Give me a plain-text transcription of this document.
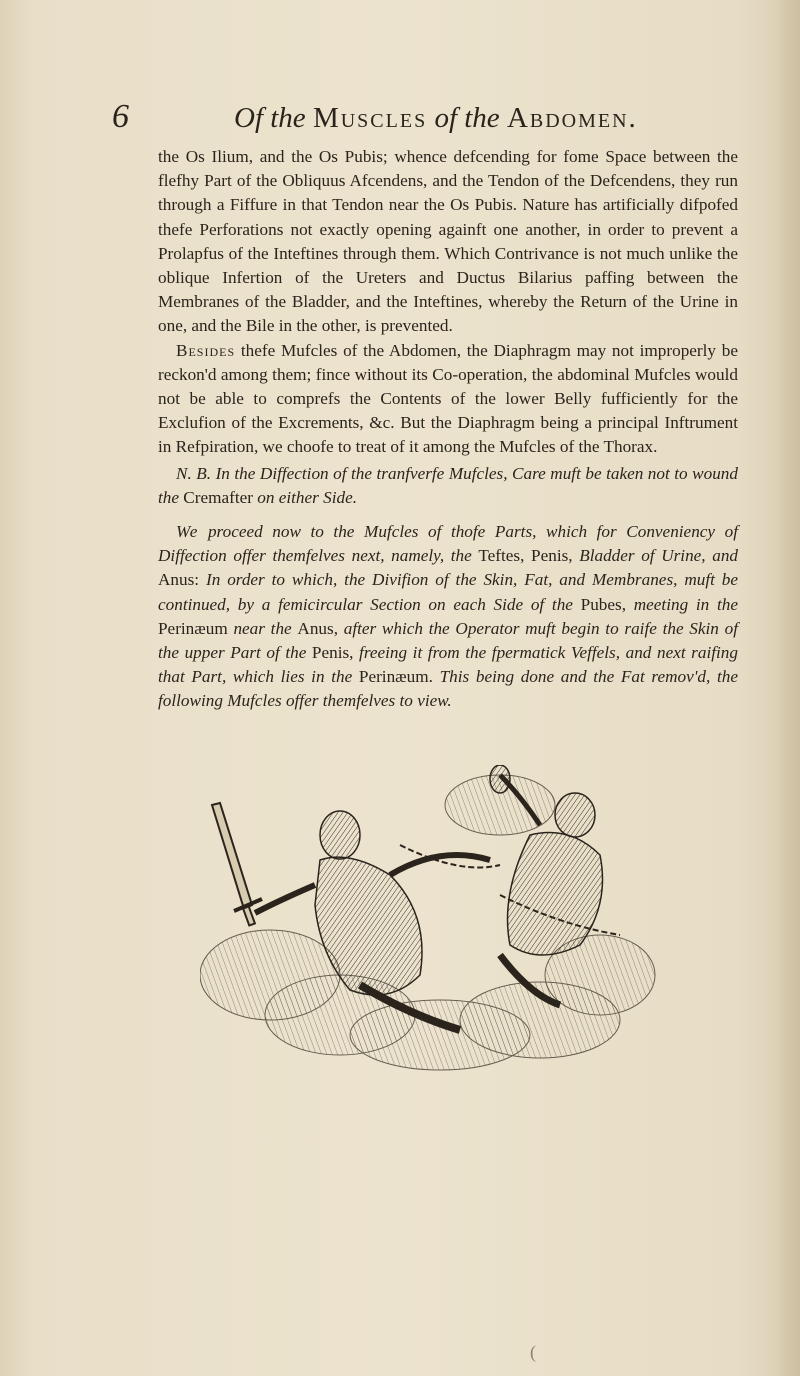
6	Of the Muscles of the Abdomen.

the Os Ilium, and the Os Pubis; whence defcending for fome Space between the flefhy Part of the Obliquus Afcendens, and the Tendon of the Defcendens, they run through a Fiffure in that Tendon near the Os Pubis. Nature has artificially difpofed thefe Perforations not exactly opening againft one another, in order to prevent a Prolapfus of the Inteftines through them. Which Contrivance is not much unlike the oblique Infertion of the Ureters and Ductus Bilarius paffing between the Membranes of the Bladder, and the Inteftines, whereby the Return of the Urine in one, and the Bile in the other, is prevented.

Besides thefe Mufcles of the Abdomen, the Diaphragm may not improperly be reckon'd among them; fince without its Co-operation, the abdominal Mufcles would not be able to comprefs the Contents of the lower Belly fufficiently for the Exclufion of the Excrements, &c. But the Diaphragm being a principal Inftrument in Refpiration, we choofe to treat of it among the Mufcles of the Thorax.

N. B. In the Diffection of the tranfverfe Mufcles, Care muft be taken not to wound the Cremafter on either Side.

We proceed now to the Mufcles of thofe Parts, which for Conveniency of Diffection offer themfelves next, namely, the Teftes, Penis, Bladder of Urine, and Anus: In order to which, the Divifion of the Skin, Fat, and Membranes, muft be continued, by a femicircular Section on each Side of the Pubes, meeting in the Perinæum near the Anus, after which the Operator muft begin to raife the Skin of the upper Part of the Penis, freeing it from the fpermatick Veffels, and next raifing that Part, which lies in the Perinæum. This being done and the Fat remov'd, the following Mufcles offer themfelves to view.

(
